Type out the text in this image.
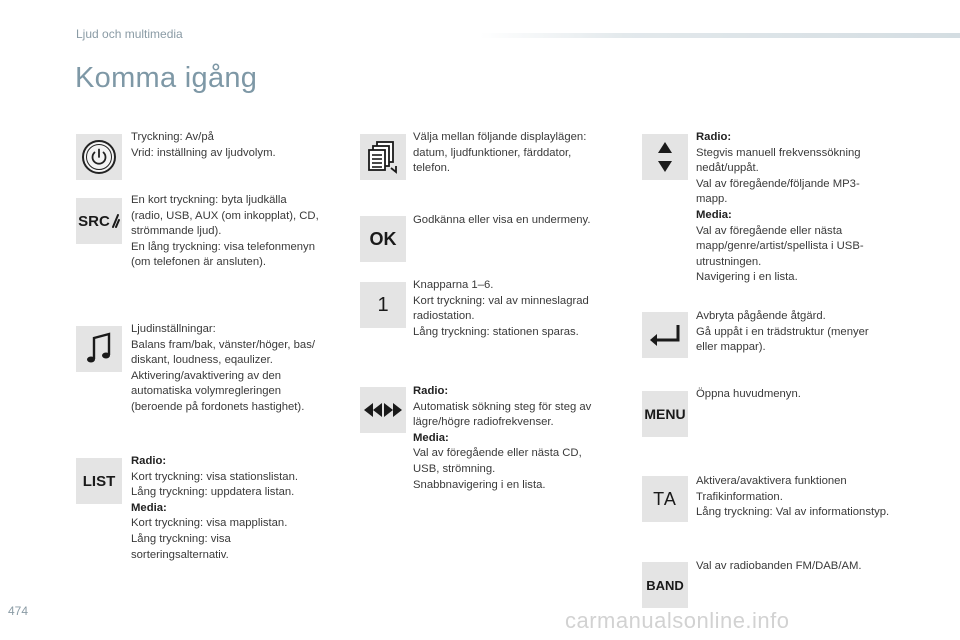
Ljud och multimedia
Komma igång
Tryckning: Av/på
Vrid: inställning av ljudvolym.
SRC
En kort tryckning: byta ljudkälla
(radio, USB, AUX (om inkopplat), CD,
strömmande ljud).
En lång tryckning: visa telefonmenyn
(om telefonen är ansluten).
Ljudinställningar:
Balans fram/bak, vänster/höger, bas/
diskant, loudness, eqaulizer.
Aktivering/avaktivering av den
automatiska volymregleringen
(beroende på fordonets hastighet).
LIST
Radio:
Kort tryckning: visa stationslistan.
Lång tryckning: uppdatera listan.
Media:
Kort tryckning: visa mapplistan.
Lång tryckning: visa
sorteringsalternativ.
Välja mellan följande displaylägen:
datum, ljudfunktioner, färddator,
telefon.
OK
Godkänna eller visa en undermeny.
1
Knapparna 1–6.
Kort tryckning: val av minneslagrad
radiostation.
Lång tryckning: stationen sparas.
Radio:
Automatisk sökning steg för steg av
lägre/högre radiofrekvenser.
Media:
Val av föregående eller nästa CD,
USB, strömning.
Snabbnavigering i en lista.
Radio:
Stegvis manuell frekvenssökning
nedåt/uppåt.
Val av föregående/följande MP3-
mapp.
Media:
Val av föregående eller nästa
mapp/genre/artist/spellista i USB-
utrustningen.
Navigering i en lista.
Avbryta pågående åtgärd.
Gå uppåt i en trädstruktur (menyer
eller mappar).
MENU
Öppna huvudmenyn.
TA
Aktivera/avaktivera funktionen
Trafikinformation.
Lång tryckning: Val av informationstyp.
BAND
Val av radiobanden FM/DAB/AM.
474	carmanualsonline.info
